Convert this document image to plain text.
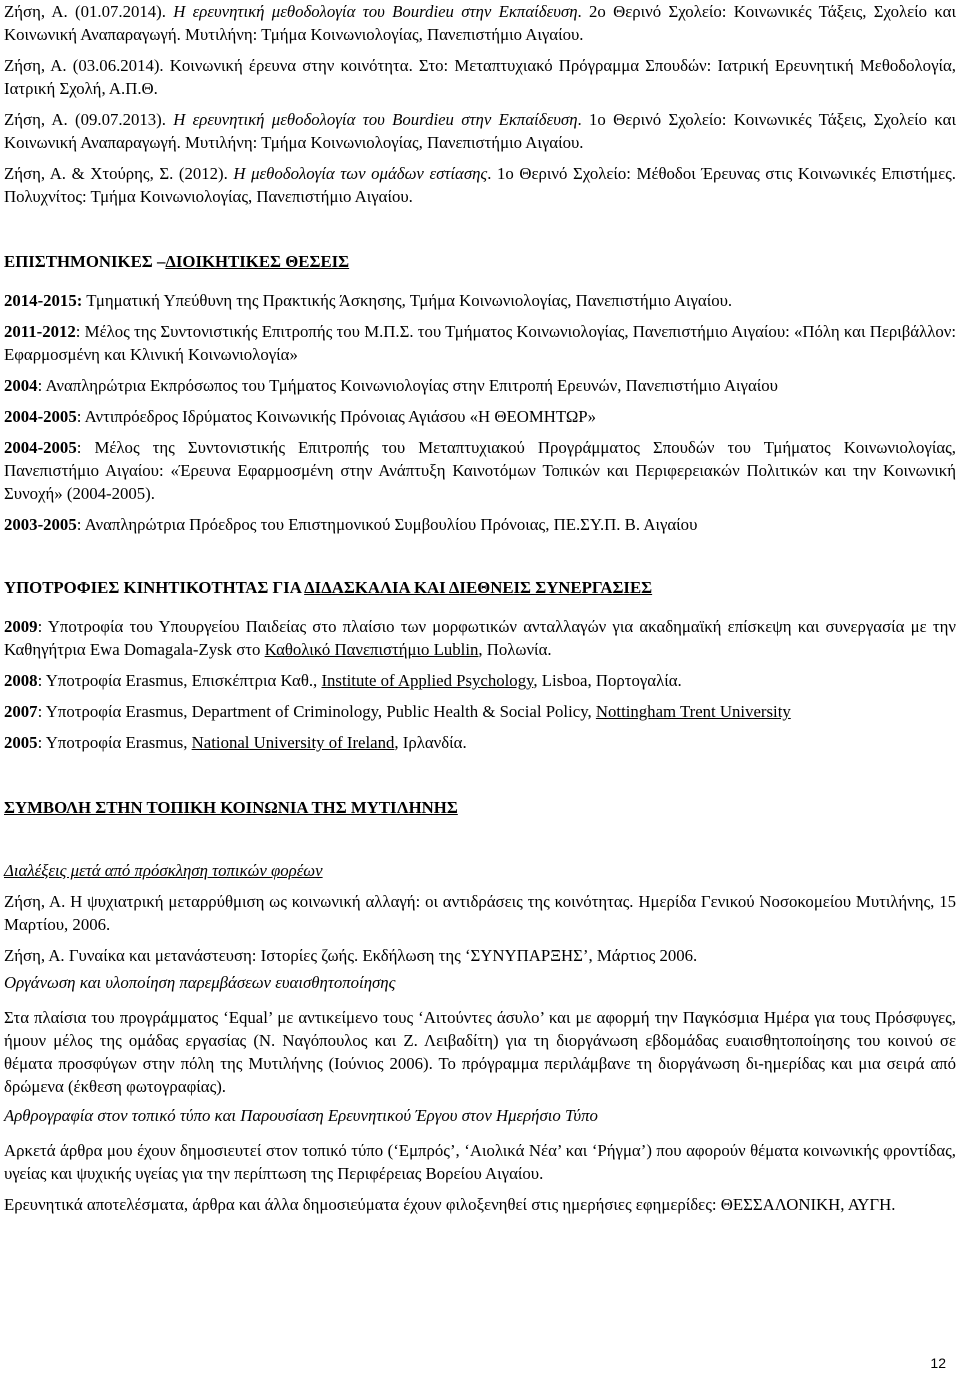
Ζήση, Α. (01.07.2014). Η ερευνητική μεθοδολογία του Bourdieu στην Εκπαίδευση. 2ο Θερινό Σχολείο: Κοινωνικές Τάξεις, Σχολείο και Κοινωνική Αναπαραγωγή. Μυτιλήνη: Τμήμα Κοινωνιολογίας, Πανεπιστήμιο Αιγαίου.

Ζήση, Α. (03.06.2014). Κοινωνική έρευνα στην κοινότητα. Στο: Μεταπτυχιακό Πρόγραμμα Σπουδών: Ιατρική Ερευνητική Μεθοδολογία, Ιατρική Σχολή, Α.Π.Θ.

Ζήση, Α. (09.07.2013). Η ερευνητική μεθοδολογία του Bourdieu στην Εκπαίδευση. 1ο Θερινό Σχολείο: Κοινωνικές Τάξεις, Σχολείο και Κοινωνική Αναπαραγωγή. Μυτιλήνη: Τμήμα Κοινωνιολογίας, Πανεπιστήμιο Αιγαίου.

Ζήση, Α. & Χτούρης, Σ. (2012). Η μεθοδολογία των ομάδων εστίασης. 1ο Θερινό Σχολείο: Μέθοδοι Έρευνας στις Κοινωνικές Επιστήμες. Πολυχνίτος: Τμήμα Κοινωνιολογίας, Πανεπιστήμιο Αιγαίου.

ΕΠΙΣΤΗΜΟΝΙΚΕΣ –ΔΙΟΙΚΗΤΙΚΕΣ ΘΕΣΕΙΣ

2014-2015: Τμηματική Υπεύθυνη της Πρακτικής Άσκησης, Τμήμα Κοινωνιολογίας, Πανεπιστήμιο Αιγαίου.

2011-2012: Μέλος της Συντονιστικής Επιτροπής του Μ.Π.Σ. του Τμήματος Κοινωνιολογίας, Πανεπιστήμιο Αιγαίου: «Πόλη και Περιβάλλον: Εφαρμοσμένη και Κλινική Κοινωνιολογία»

2004: Αναπληρώτρια Εκπρόσωπος του Τμήματος Κοινωνιολογίας στην Επιτροπή Ερευνών, Πανεπιστήμιο Αιγαίου

2004-2005: Αντιπρόεδρος Ιδρύματος Κοινωνικής Πρόνοιας Αγιάσου «Η ΘΕΟΜΗΤΩΡ»

2004-2005: Μέλος της Συντονιστικής Επιτροπής του Μεταπτυχιακού Προγράμματος Σπουδών του Τμήματος Κοινωνιολογίας, Πανεπιστήμιο Αιγαίου: «Έρευνα Εφαρμοσμένη στην Ανάπτυξη Καινοτόμων Τοπικών και Περιφερειακών Πολιτικών και την Κοινωνική Συνοχή» (2004-2005).

2003-2005: Αναπληρώτρια Πρόεδρος του Επιστημονικού Συμβουλίου Πρόνοιας, ΠΕ.ΣΥ.Π. Β. Αιγαίου

ΥΠΟΤΡΟΦΙΕΣ ΚΙΝΗΤΙΚΟΤΗΤΑΣ ΓΙΑ ΔΙΔΑΣΚΑΛΙΑ ΚΑΙ ΔΙΕΘΝΕΙΣ ΣΥΝΕΡΓΑΣΙΕΣ

2009: Υποτροφία του Υπουργείου Παιδείας στο πλαίσιο των μορφωτικών ανταλλαγών για ακαδημαϊκή επίσκεψη και συνεργασία με την Καθηγήτρια Ewa Domagala-Zysk στο Καθολικό Πανεπιστήμιο Lublin, Πολωνία.

2008: Υποτροφία Erasmus, Επισκέπτρια Καθ., Institute of Applied Psychology, Lisboa, Πορτογαλία.

2007: Υποτροφία Erasmus, Department of Criminology, Public Health & Social Policy, Nottingham Trent University

2005: Υποτροφία Erasmus, National University of Ireland, Ιρλανδία.

ΣΥΜΒΟΛΗ ΣΤΗΝ ΤΟΠΙΚΗ ΚΟΙΝΩΝΙΑ ΤΗΣ ΜΥΤΙΛΗΝΗΣ

Διαλέξεις μετά από πρόσκληση τοπικών φορέων

Ζήση, Α. Η ψυχιατρική μεταρρύθμιση ως κοινωνική αλλαγή: οι αντιδράσεις της κοινότητας. Ημερίδα Γενικού Νοσοκομείου Μυτιλήνης, 15 Μαρτίου, 2006.

Ζήση, Α. Γυναίκα και μετανάστευση: Ιστορίες ζωής. Εκδήλωση της ‘ΣΥΝΥΠΑΡΞΗΣ’, Μάρτιος 2006.

Οργάνωση και υλοποίηση παρεμβάσεων ευαισθητοποίησης

Στα πλαίσια του προγράμματος ‘Equal’ με αντικείμενο τους ‘Αιτούντες άσυλο’ και με αφορμή την Παγκόσμια Ημέρα για τους Πρόσφυγες, ήμουν μέλος της ομάδας εργασίας (Ν. Ναγόπουλος και Ζ. Λειβαδίτη) για τη διοργάνωση εβδομάδας ευαισθητοποίησης του κοινού σε θέματα προσφύγων στην πόλη της Μυτιλήνης (Ιούνιος 2006). Το πρόγραμμα περιλάμβανε τη διοργάνωση δι-ημερίδας και μια σειρά από δρώμενα (έκθεση φωτογραφίας).

Αρθρογραφία στον τοπικό τύπο και Παρουσίαση Ερευνητικού Έργου στον Ημερήσιο Τύπο

Αρκετά άρθρα μου έχουν δημοσιευτεί στον τοπικό τύπο (‘Εμπρός’, ‘Αιολικά Νέα’ και ‘Ρήγμα’) που αφορούν θέματα κοινωνικής φροντίδας, υγείας και ψυχικής υγείας για την περίπτωση της Περιφέρειας Βορείου Αιγαίου.

Ερευνητικά αποτελέσματα, άρθρα και άλλα δημοσιεύματα έχουν φιλοξενηθεί στις ημερήσιες εφημερίδες: ΘΕΣΣΑΛΟΝΙΚΗ, ΑΥΓΗ.

12
